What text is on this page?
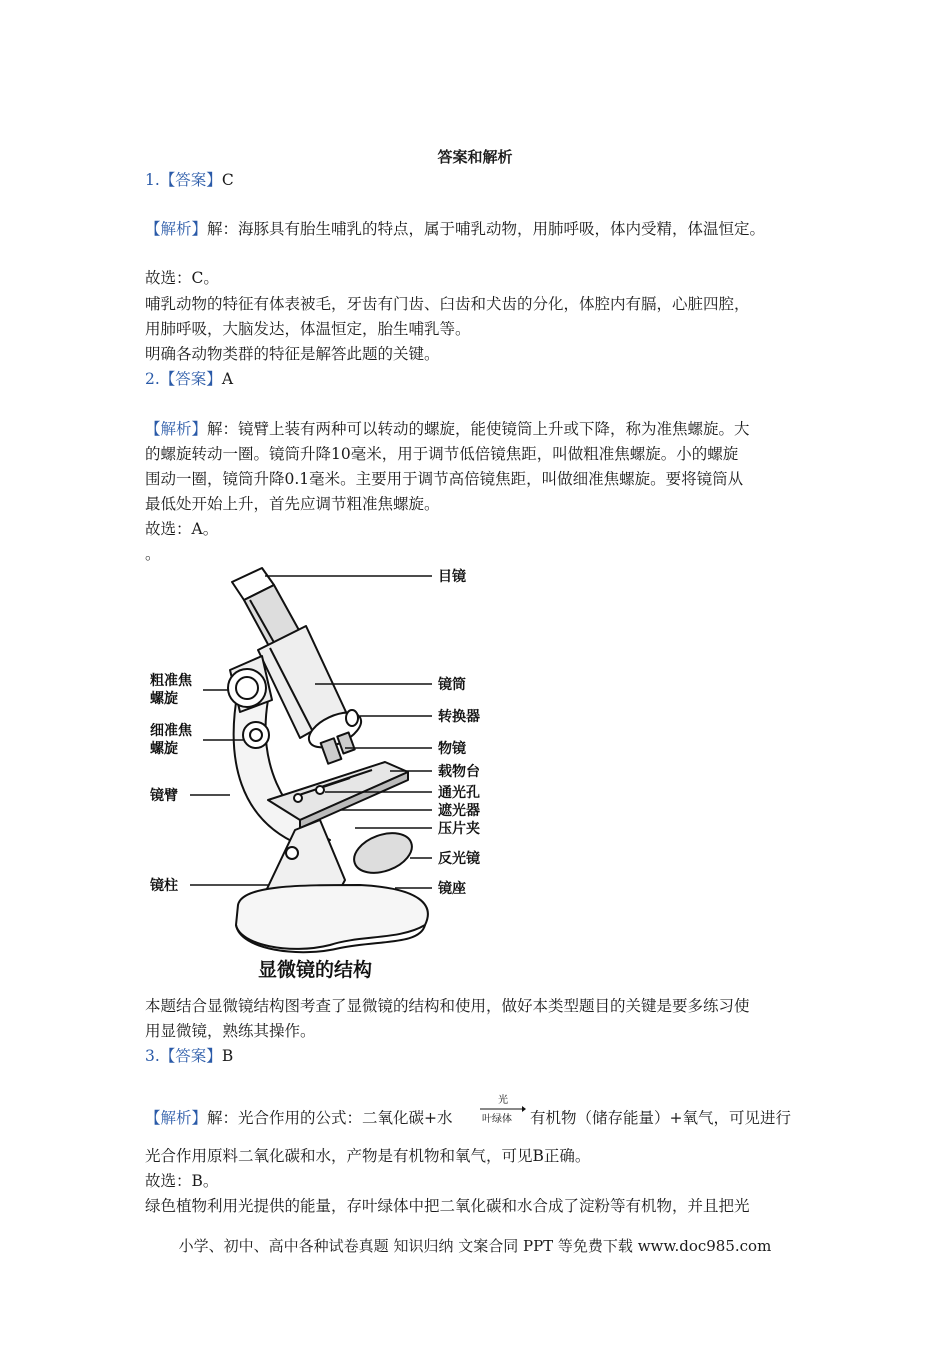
答案和解析
1.【答案】C
【解析】解：海豚具有胎生哺乳的特点，属于哺乳动物，用肺呼吸，体内受精，体温恒定。
故选：C。
哺乳动物的特征有体表被毛，牙齿有门齿、臼齿和犬齿的分化，体腔内有膈，心脏四腔，
用肺呼吸，大脑发达，体温恒定，胎生哺乳等。
明确各动物类群的特征是解答此题的关键。
2.【答案】A
【解析】解：镜臂上装有两种可以转动的螺旋，能使镜筒上升或下降，称为准焦螺旋。大
的螺旋转动一圈。镜筒升降10毫米，用于调节低倍镜焦距，叫做粗准焦螺旋。小的螺旋
围动一圈，镜筒升降0.1毫米。主要用于调节高倍镜焦距，叫做细准焦螺旋。要将镜筒从
最低处开始上升，首先应调节粗准焦螺旋。
故选：A。
。
目镜
粗准焦
螺旋
镜筒
转换器
细准焦
螺旋	物镜
载物台
镜臂	通光孔
遮光器
压片夹
反光镜
镜柱	镜座
显微镜的结构
本题结合显微镜结构图考查了显微镜的结构和使用，做好本类型题目的关键是要多练习使
用显微镜，熟练其操作。
3.【答案】B
【解析】解：光合作用的公式：二氧化碳+水
光
叶绿体 有机物（储存能量）+氧气，可见进行
光合作用原料二氧化碳和水，产物是有机物和氧气，可见B正确。
故选：B。
绿色植物利用光提供的能量，存叶绿体中把二氧化碳和水合成了淀粉等有机物，并且把光
小学、初中、高中各种试卷真题 知识归纳 文案合同 PPT 等免费下载 www.doc985.com
